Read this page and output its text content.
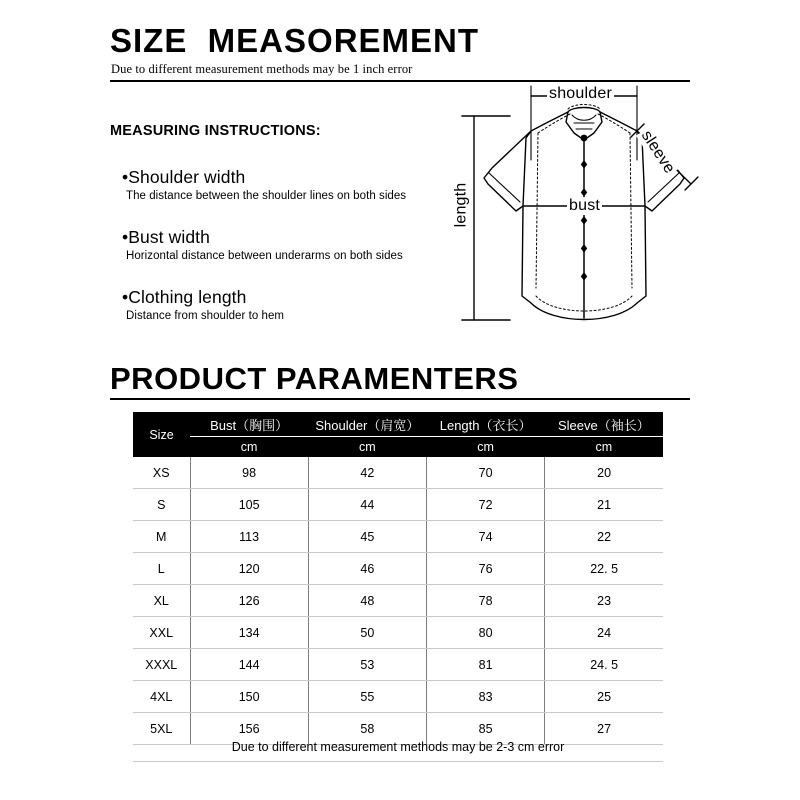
SIZE  MEASOREMENT
Due to different measurement methods may be 1 inch error
MEASURING INSTRUCTIONS:
•Shoulder width
The distance between the shoulder lines on both sides
•Bust width
Horizontal distance between underarms on both sides
•Clothing length
Distance from shoulder to hem
shoulder
bust
length
sleeve
PRODUCT PARAMENTERS
Size	Bust（胸围）	Shoulder（肩宽）	Length（衣长）	Sleeve（袖长）
	cm	cm	cm	cm
XS	98	42	70	20
S	105	44	72	21
M	113	45	74	22
L	120	46	76	22. 5
XL	126	48	78	23
XXL	134	50	80	24
XXXL	144	53	81	24. 5
4XL	150	55	83	25
5XL	156	58	85	27
Due to different measurement methods may be 2-3 cm error
